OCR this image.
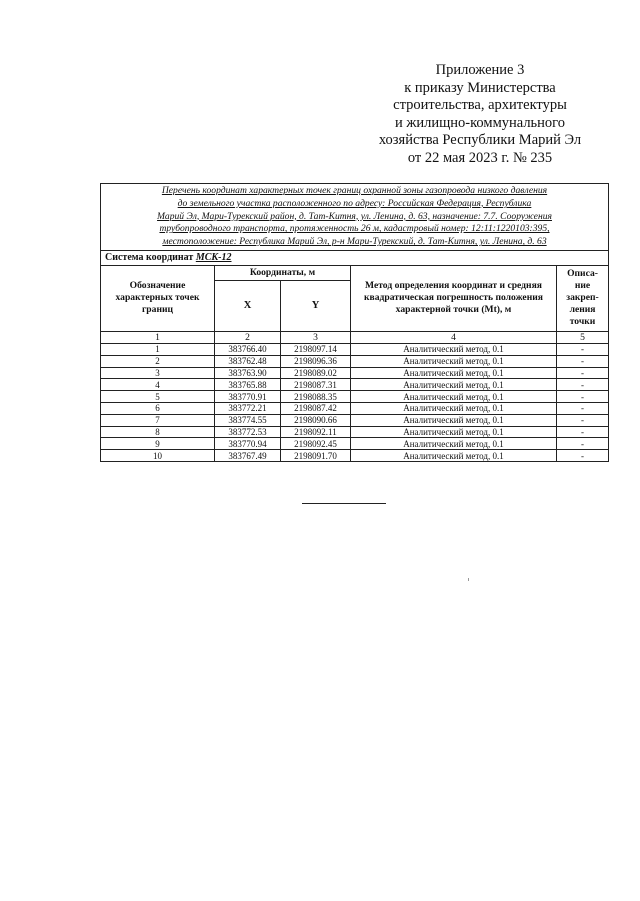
Приложение 3
к приказу Министерства
строительства, архитектуры
и жилищно-коммунального
хозяйства Республики Марий Эл
от 22 мая 2023 г. № 235
Перечень координат характерных точек границ охранной зоны газопровода низкого давления
до земельного участка расположенного по адресу: Российская Федерация, Республика
Марий Эл, Мари-Турекский район, д. Тат-Китня, ул. Ленина, д. 63, назначение: 7.7. Сооружения
трубопроводного транспорта, протяженность 26 м, кадастровый номер: 12:11:1220103:395,
местоположение: Республика Марий Эл, р-н Мари-Турекский, д. Тат-Китня, ул. Ленина, д. 63				

Система координат МСК-12				
Обозначение характерных точек границ	Координаты, м		Метод определения координат и средняя квадратическая погрешность положения характерной точки (Mt), м	Описа-
ние
закреп-
ления
точки

	X	Y		
1	2	3	4	5
1	383766.40	2198097.14	Аналитический метод, 0.1	-
2	383762.48	2198096.36	Аналитический метод, 0.1	-
3	383763.90	2198089.02	Аналитический метод, 0.1	-
4	383765.88	2198087.31	Аналитический метод, 0.1	-
5	383770.91	2198088.35	Аналитический метод, 0.1	-
6	383772.21	2198087.42	Аналитический метод, 0.1	-
7	383774.55	2198090.66	Аналитический метод, 0.1	-
8	383772.53	2198092.11	Аналитический метод, 0.1	-
9	383770.94	2198092.45	Аналитический метод, 0.1	-
10	383767.49	2198091.70	Аналитический метод, 0.1	-
